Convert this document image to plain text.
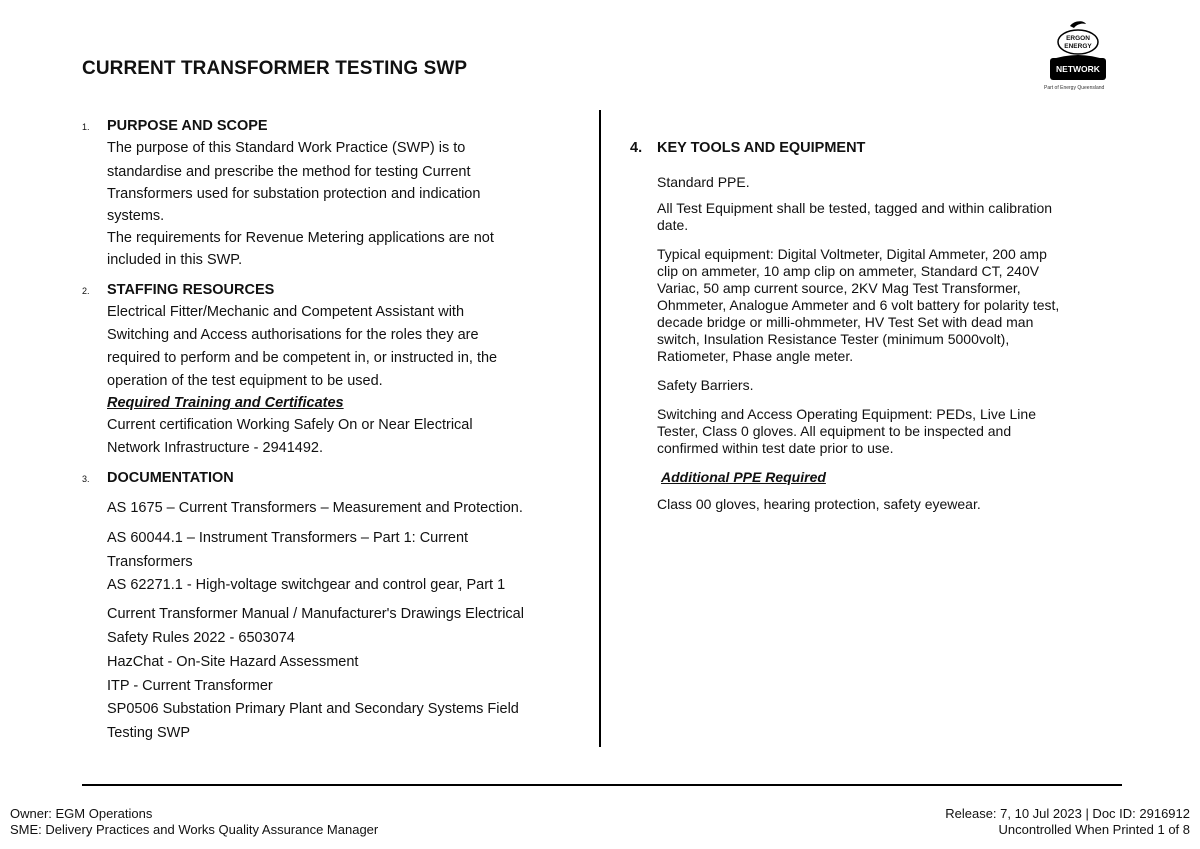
CURRENT TRANSFORMER TESTING SWP
ERGON
ENERGY
NETWORK
Part of Energy Queensland
1. PURPOSE AND SCOPE
The purpose of this Standard Work Practice (SWP) is to
standardise and prescribe the method for testing Current
Transformers used for substation protection and indication
systems.
The requirements for Revenue Metering applications are not
included in this SWP.
2. STAFFING RESOURCES
Electrical Fitter/Mechanic and Competent Assistant with
Switching and Access authorisations for the roles they are
required to perform and be competent in, or instructed in, the
operation of the test equipment to be used.
Required Training and Certificates
Current certification Working Safely On or Near Electrical
Network Infrastructure - 2941492.
3. DOCUMENTATION
AS 1675 – Current Transformers – Measurement and Protection.
AS 60044.1 – Instrument Transformers – Part 1: Current
Transformers
AS 62271.1 - High-voltage switchgear and control gear, Part 1
Current Transformer Manual / Manufacturer's Drawings Electrical
Safety Rules 2022 - 6503074
HazChat - On-Site Hazard Assessment
ITP - Current Transformer
SP0506 Substation Primary Plant and Secondary Systems Field
Testing SWP
4. KEY TOOLS AND EQUIPMENT
Standard PPE.
All Test Equipment shall be tested, tagged and within calibration
date.
Typical equipment: Digital Voltmeter, Digital Ammeter, 200 amp
clip on ammeter, 10 amp clip on ammeter, Standard CT, 240V
Variac, 50 amp current source, 2KV Mag Test Transformer,
Ohmmeter, Analogue Ammeter and 6 volt battery for polarity test,
decade bridge or milli-ohmmeter, HV Test Set with dead man
switch, Insulation Resistance Tester (minimum 5000volt),
Ratiometer, Phase angle meter.
Safety Barriers.
Switching and Access Operating Equipment: PEDs, Live Line
Tester, Class 0 gloves. All equipment to be inspected and
confirmed within test date prior to use.
Additional PPE Required
Class 00 gloves, hearing protection, safety eyewear.
Owner: EGM Operations
SME: Delivery Practices and Works Quality Assurance Manager
Release: 7, 10 Jul 2023 | Doc ID: 2916912
Uncontrolled When Printed 1 of 8
